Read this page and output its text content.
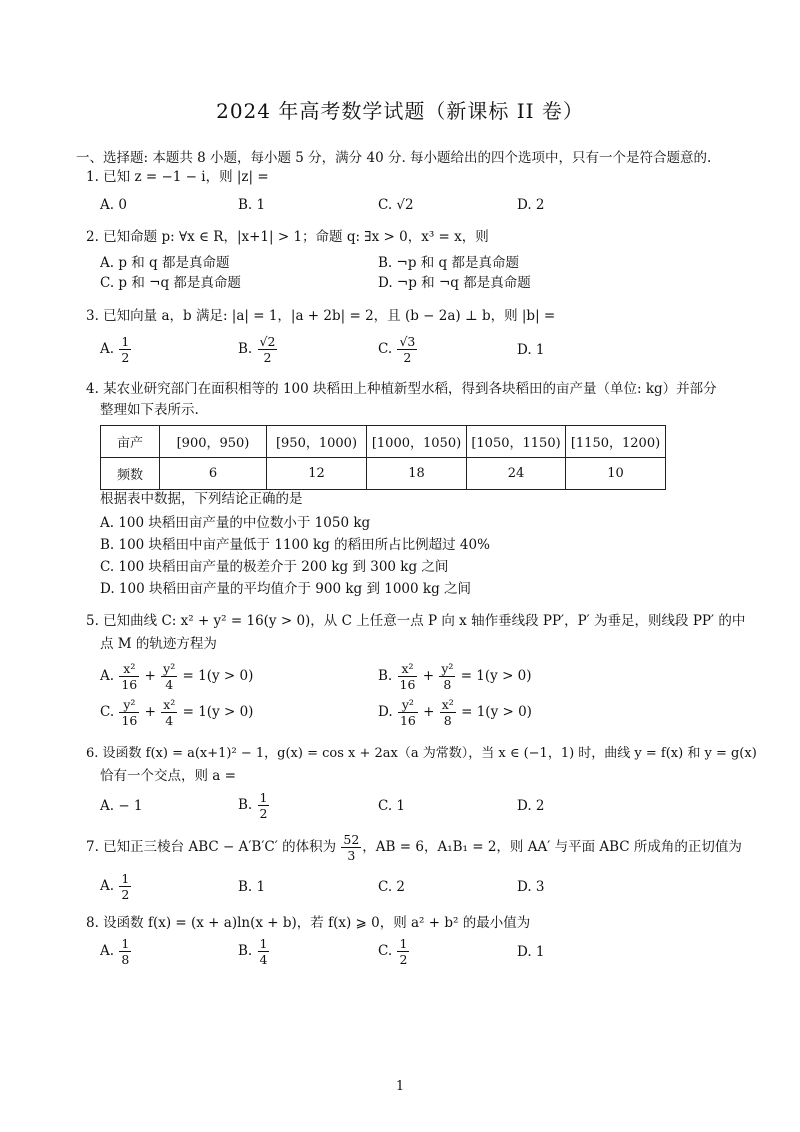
2024 年高考数学试题（新课标 II 卷）
一、选择题: 本题共 8 小题，每小题 5 分，满分 40 分. 每小题给出的四个选项中，只有一个是符合题意的.
1. 已知 z = −1 − i，则 |z| =
A. 0	B. 1	C. √2	D. 2
2. 已知命题 p: ∀x ∈ R，|x+1| > 1；命题 q: ∃x > 0，x³ = x，则
A. p 和 q 都是真命题	B. ¬p 和 q 都是真命题
C. p 和 ¬q 都是真命题	D. ¬p 和 ¬q 都是真命题
3. 已知向量 a，b 满足: |a| = 1，|a + 2b| = 2，且 (b − 2a) ⊥ b，则 |b| =
A. $\frac{1}{2}$	B. $\frac{√2}{2}$	C. $\frac{√3}{2}$	D. 1
4. 某农业研究部门在面积相等的 100 块稻田上种植新型水稻，得到各块稻田的亩产量（单位: kg）并部分
整理如下表所示.
亩产	[900，950)	[950，1000)	[1000，1050)	[1050，1150)	[1150，1200)
频数	6	12	18	24	10
根据表中数据，下列结论正确的是
A. 100 块稻田亩产量的中位数小于 1050 kg
B. 100 块稻田中亩产量低于 1100 kg 的稻田所占比例超过 40%
C. 100 块稻田亩产量的极差介于 200 kg 到 300 kg 之间
D. 100 块稻田亩产量的平均值介于 900 kg 到 1000 kg 之间
5. 已知曲线 C: x² + y² = 16(y > 0)，从 C 上任意一点 P 向 x 轴作垂线段 PP′，P′ 为垂足，则线段 PP′ 的中
点 M 的轨迹方程为
A. $\frac{\text{x²}}{16} + \frac{\text{y²}}{4} = 1(y > 0)$	B. $\frac{\text{x²}}{16} + \frac{\text{y²}}{8} = 1(y > 0)$
C. $\frac{\text{y²}}{16} + \frac{\text{x²}}{4} = 1(y > 0)$	D. $\frac{\text{y²}}{16} + \frac{\text{x²}}{8} = 1(y > 0)$
6. 设函数 f(x) = a(x+1)² − 1，g(x) = cos x + 2ax（a 为常数），当 x ∈ (−1，1) 时，曲线 y = f(x) 和 y = g(x)
恰有一个交点，则 a =
A. − 1	B. $\frac{1}{2}$	C. 1	D. 2
7. 已知正三棱台 ABC − A′B′C′ 的体积为 $\frac{52}{3}$ ，AB = 6，A₁B₁ = 2，则 AA′ 与平面 ABC 所成角的正切值为
A. $\frac{1}{2}$	B. 1	C. 2	D. 3
8. 设函数 f(x) = (x + a)ln(x + b)，若 f(x) ⩾ 0，则 a² + b² 的最小值为
A. $\frac{1}{8}$	B. $\frac{1}{4}$	C. $\frac{1}{2}$	D. 1
1
